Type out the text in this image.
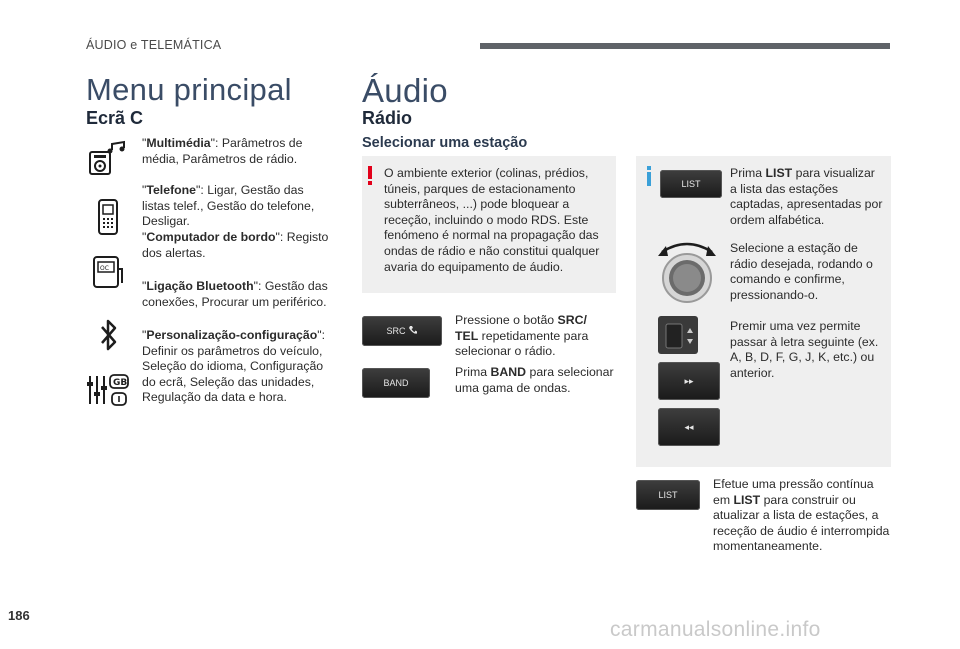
ÁUDIO e TELEMÁTICA
Menu principal
Ecrã C
"Multimédia": Parâmetros de média, Parâmetros de rádio.
"Telefone": Ligar, Gestão das listas telef., Gestão do telefone, Desligar.
OC
"Computador de bordo": Registo dos alertas.
"Ligação Bluetooth": Gestão das conexões, Procurar um periférico.
GB
"Personalização-configuração": Definir os parâmetros do veículo, Seleção do idioma, Configuração do ecrã, Seleção das unidades, Regulação da data e hora.
Áudio
Rádio
Selecionar uma estação
O ambiente exterior (colinas, prédios, túneis, parques de estacionamento subterrâneos, ...) pode bloquear a receção, incluindo o modo RDS. Este fenómeno é normal na propagação das ondas de rádio e não constitui qualquer avaria do equipamento de áudio.
SRC
Pressione o botão SRC/ TEL repetidamente para selecionar o rádio.
BAND
Prima BAND para selecionar uma gama de ondas.
LIST
Prima LIST para visualizar a lista das estações captadas, apresentadas por ordem alfabética.
Selecione a estação de rádio desejada, rodando o comando e confirme, pressionando-o.
▸▸
◂◂
Premir uma vez permite passar à letra seguinte (ex. A, B, D, F, G, J, K, etc.) ou anterior.
LIST
Efetue uma pressão contínua em LIST para construir ou atualizar a lista de estações, a receção de áudio é interrompida momentaneamente.
186
carmanualsonline.info
